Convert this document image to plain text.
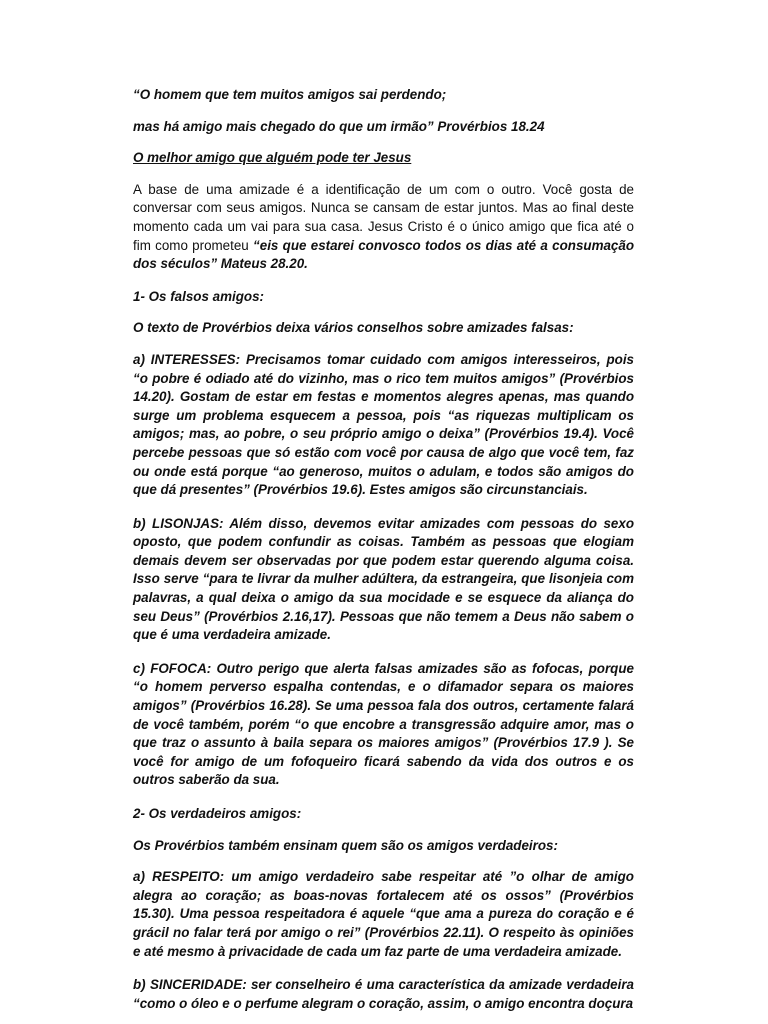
“O homem que tem muitos amigos sai perdendo;

mas há amigo mais chegado do que um irmão” Provérbios 18.24

O melhor amigo que alguém pode ter Jesus

A base de uma amizade é a identificação de um com o outro. Você gosta de conversar com seus amigos. Nunca se cansam de estar juntos. Mas ao final deste momento cada um vai para sua casa. Jesus Cristo é o único amigo que fica até o fim como prometeu “eis que estarei convosco todos os dias até a consumação dos séculos” Mateus 28.20.

1- Os falsos amigos:

O texto de Provérbios deixa vários conselhos sobre amizades falsas:

a) INTERESSES: Precisamos tomar cuidado com amigos interesseiros, pois “o pobre é odiado até do vizinho, mas o rico tem muitos amigos” (Provérbios 14.20). Gostam de estar em festas e momentos alegres apenas, mas quando surge um problema esquecem a pessoa, pois “as riquezas multiplicam os amigos; mas, ao pobre, o seu próprio amigo o deixa” (Provérbios 19.4). Você percebe pessoas que só estão com você por causa de algo que você tem, faz ou onde está porque “ao generoso, muitos o adulam, e todos são amigos do que dá presentes” (Provérbios 19.6). Estes amigos são circunstanciais.

b) LISONJAS: Além disso, devemos evitar amizades com pessoas do sexo oposto, que podem confundir as coisas. Também as pessoas que elogiam demais devem ser observadas por que podem estar querendo alguma coisa. Isso serve “para te livrar da mulher adúltera, da estrangeira, que lisonjeia com palavras, a qual deixa o amigo da sua mocidade e se esquece da aliança do seu Deus” (Provérbios 2.16,17). Pessoas que não temem a Deus não sabem o que é uma verdadeira amizade.

c) FOFOCA: Outro perigo que alerta falsas amizades são as fofocas, porque “o homem perverso espalha contendas, e o difamador separa os maiores amigos” (Provérbios 16.28). Se uma pessoa fala dos outros, certamente falará de você também, porém “o que encobre a transgressão adquire amor, mas o que traz o assunto à baila separa os maiores amigos” (Provérbios 17.9 ). Se você for amigo de um fofoqueiro ficará sabendo da vida dos outros e os outros saberão da sua.

2- Os verdadeiros amigos:

Os Provérbios também ensinam quem são os amigos verdadeiros:

a) RESPEITO: um amigo verdadeiro sabe respeitar até ”o olhar de amigo alegra ao coração; as boas-novas fortalecem até os ossos” (Provérbios 15.30). Uma pessoa respeitadora é aquele “que ama a pureza do coração e é grácil no falar terá por amigo o rei” (Provérbios 22.11). O respeito às opiniões e até mesmo à privacidade de cada um faz parte de uma verdadeira amizade.

b) SINCERIDADE: ser conselheiro é uma característica da amizade verdadeira “como o óleo e o perfume alegram o coração, assim, o amigo encontra doçura
